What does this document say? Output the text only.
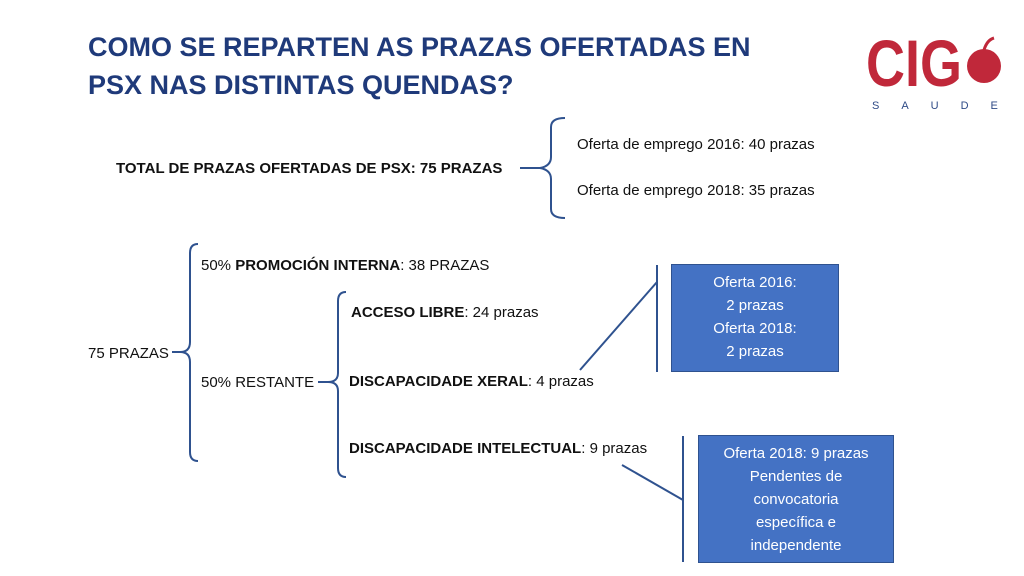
COMO SE REPARTEN AS PRAZAS OFERTADAS EN
PSX NAS DISTINTAS QUENDAS?	CIG
SAUDE
TOTAL DE PRAZAS OFERTADAS DE PSX: 75 PRAZAS
Oferta de emprego 2016: 40 prazas
Oferta de emprego 2018: 35 prazas
75 PRAZAS
50% PROMOCIÓN INTERNA: 38 PRAZAS
50% RESTANTE
ACCESO LIBRE: 24 prazas
DISCAPACIDADE XERAL: 4 prazas
DISCAPACIDADE INTELECTUAL: 9 prazas
Oferta 2016:
2 prazas
Oferta 2018:
2 prazas
Oferta 2018: 9 prazas
Pendentes de
convocatoria
específica e
independente
